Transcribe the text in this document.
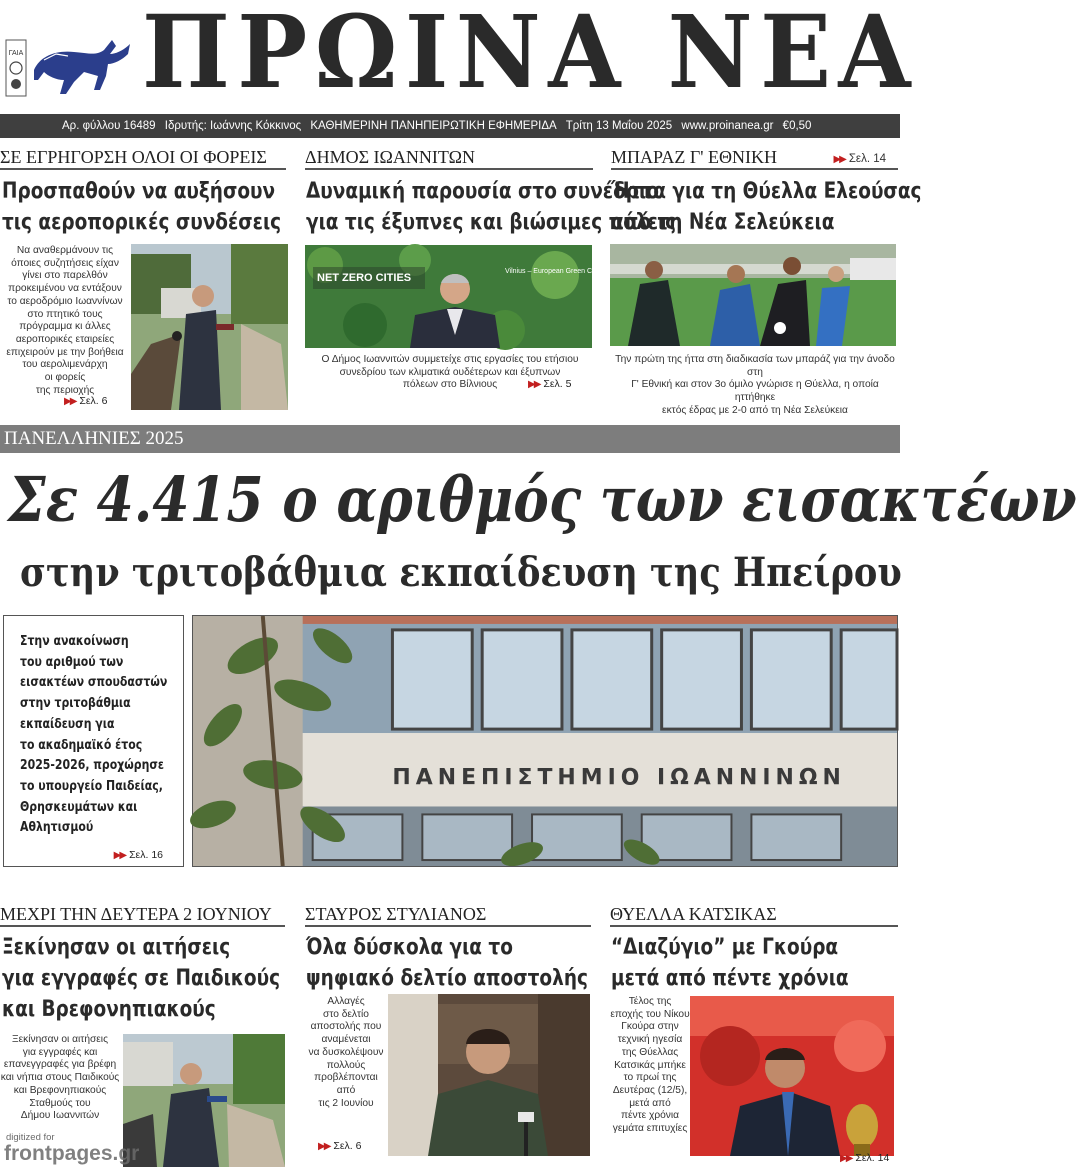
ΓΑΙΑ ΠΡΩΙΝΑ ΝΕΑ
Αρ. φύλλου 16489 Ιδρυτής: Ιωάννης Κόκκινος ΚΑΘΗΜΕΡΙΝΗ ΠΑΝΗΠΕΙΡΩΤΙΚΗ ΕΦΗΜΕΡΙΔΑ Τρίτη 13 Μαΐου 2025 www.proinanea.gr €0,50
ΣΕ ΕΓΡΗΓΟΡΣΗ ΟΛΟΙ ΟΙ ΦΟΡΕΙΣ
Προσπαθούν να αυξήσουν
τις αεροπορικές συνδέσεις
Να αναθερμάνουν τις
όποιες συζητήσεις είχαν
γίνει στο παρελθόν
προκειμένου να εντάξουν
το αεροδρόμιο Ιωαννίνων
στο πτητικό τους
πρόγραμμα κι άλλες
αεροπορικές εταιρείες
επιχειρούν με την βοήθεια
του αερολιμενάρχη
οι φορείς
της περιοχής
▶▶ Σελ. 6
ΔΗΜΟΣ ΙΩΑΝΝΙΤΩΝ
Δυναμική παρουσία στο συνέδριο
για τις έξυπνες και βιώσιμες πόλεις
NET ZERO CITIES
Vilnius – European Green Capital
Ο Δήμος Ιωαννιτών συμμετείχε στις εργασίες του ετήσιου
συνεδρίου των κλιματικά ουδέτερων και έξυπνων
πόλεων στο Βίλνιους	▶▶ Σελ. 5
ΜΠΑΡΑΖ Γ' ΕΘΝΙΚΗ	▶▶ Σελ. 14
Ήττα για τη Θύελλα Ελεούσας
από τη Νέα Σελεύκεια
Την πρώτη της ήττα στη διαδικασία των μπαράζ για την άνοδο στη
Γ' Εθνική και στον 3ο όμιλο γνώρισε η Θύελλα, η οποία ηττήθηκε
εκτός έδρας με 2-0 από τη Νέα Σελεύκεια
ΠΑΝΕΛΛΗΝΙΕΣ 2025
Σε 4.415 ο αριθμός των εισακτέων
στην τριτοβάθμια εκπαίδευση της Ηπείρου
Στην ανακοίνωση
του αριθμού των
εισακτέων σπουδαστών
στην τριτοβάθμια
εκπαίδευση για
το ακαδημαϊκό έτος
2025-2026, προχώρησε
το υπουργείο Παιδείας,
Θρησκευμάτων και
Αθλητισμού
▶▶ Σελ. 16
ΠΑΝΕΠΙΣΤΗΜΙΟ ΙΩΑΝΝΙΝΩΝ
ΜΕΧΡΙ ΤΗΝ ΔΕΥΤΕΡΑ 2 ΙΟΥΝΙΟΥ
Ξεκίνησαν οι αιτήσεις
για εγγραφές σε Παιδικούς
και Βρεφονηπιακούς
Ξεκίνησαν οι αιτήσεις
για εγγραφές και
επανεγγραφές για βρέφη
και νήπια στους Παιδικούς
και Βρεφονηπιακούς
Σταθμούς του
Δήμου Ιωαννιτών
ΣΤΑΥΡΟΣ ΣΤΥΛΙΑΝΟΣ
Όλα δύσκολα για το
ψηφιακό δελτίο αποστολής
Αλλαγές
στο δελτίο
αποστολής που
αναμένεται
να δυσκολέψουν
πολλούς
προβλέπονται
από
τις 2 Ιουνίου
▶▶ Σελ. 6
ΘΥΕΛΛΑ ΚΑΤΣΙΚΑΣ
“Διαζύγιο” με Γκούρα
μετά από πέντε χρόνια
Τέλος της
εποχής του Νίκου
Γκούρα στην
τεχνική ηγεσία
της Θύελλας
Κατσικάς μπήκε
το πρωί της
Δευτέρας (12/5),
μετά από
πέντε χρόνια
γεμάτα επιτυχίες
▶▶ Σελ. 14
digitized for
frontpages.gr
